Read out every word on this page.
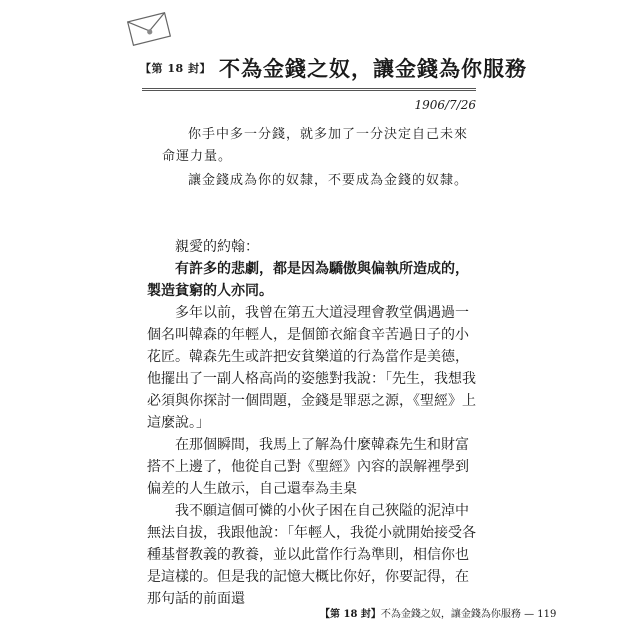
【第 18 封】 不為金錢之奴，讓金錢為你服務
1906/7/26
你手中多一分錢，就多加了一分決定自己未來命運力量。
讓金錢成為你的奴隸，不要成為金錢的奴隸。

親愛的約翰：

有許多的悲劇，都是因為驕傲與偏執所造成的，製造貧窮的人亦同。

多年以前，我曾在第五大道浸理會教堂偶遇過一個名叫韓森的年輕人，是個節衣縮食辛苦過日子的小花匠。韓森先生或許把安貧樂道的行為當作是美德，他擺出了一副人格高尚的姿態對我說：「先生，我想我必須與你探討一個問題，金錢是罪惡之源，《聖經》上這麼說。」

在那個瞬間，我馬上了解為什麼韓森先生和財富搭不上邊了，他從自己對《聖經》內容的誤解裡學到偏差的人生啟示，自己還奉為圭臬

我不願這個可憐的小伙子困在自己狹隘的泥淖中無法自拔，我跟他說：「年輕人，我從小就開始接受各種基督教義的教養，並以此當作行為準則，相信你也是這樣的。但是我的記憶大概比你好，你要記得，在那句話的前面還

【第 18 封】不為金錢之奴，讓金錢為你服務 — 119
